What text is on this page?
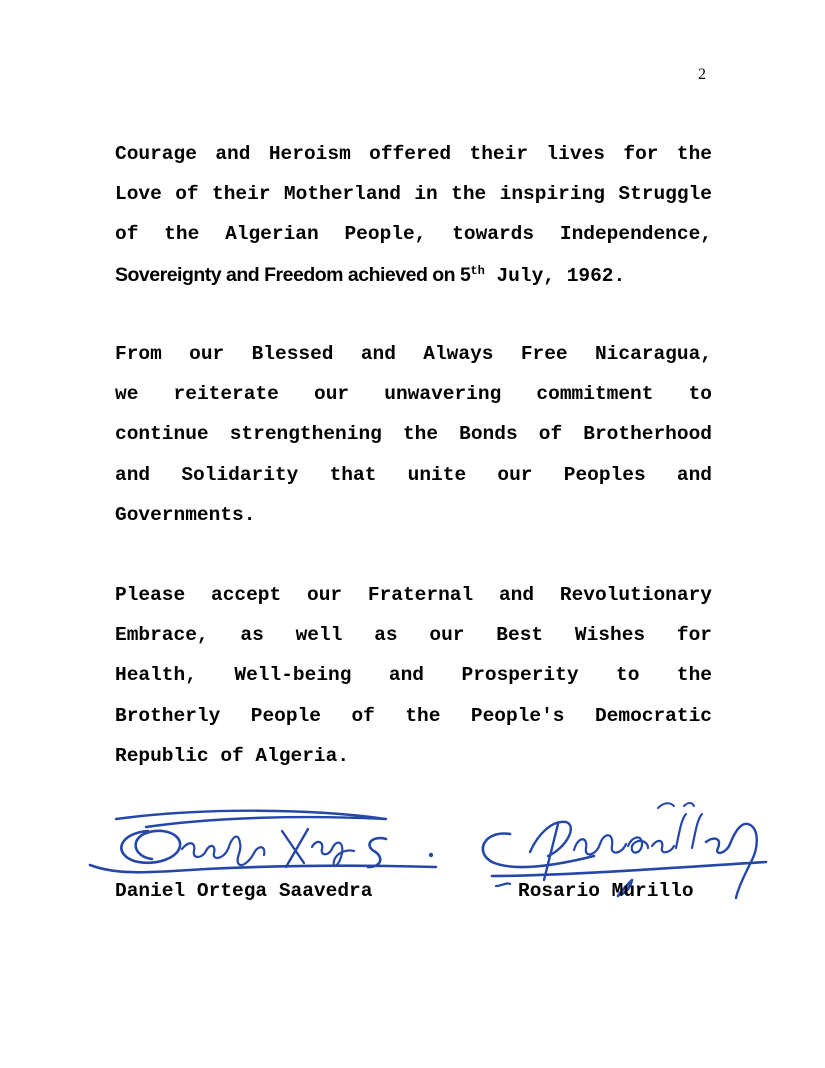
2
Courage and Heroism offered their lives for the
Love of their Motherland in the inspiring Struggle
of the Algerian People, towards Independence,
Sovereignty and Freedom achieved on 5th July, 1962.
From our Blessed and Always Free Nicaragua,
we reiterate our unwavering commitment to
continue strengthening the Bonds of Brotherhood
and Solidarity that unite our Peoples and
Governments.
Please accept our Fraternal and Revolutionary
Embrace, as well as our Best Wishes for
Health, Well-being and Prosperity to the
Brotherly People of the People's Democratic
Republic of Algeria.
Daniel Ortega Saavedra	Rosario Murillo
